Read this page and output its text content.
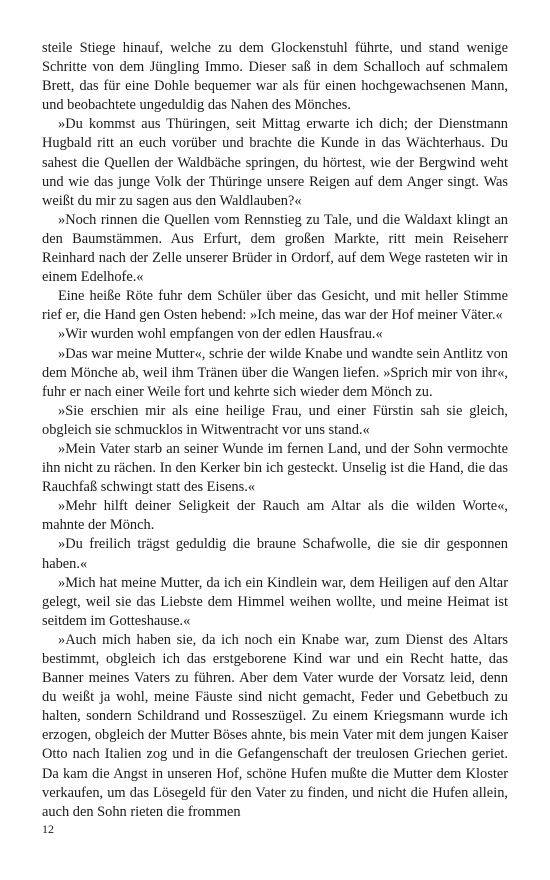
steile Stiege hinauf, welche zu dem Glockenstuhl führte, und stand wenige Schritte von dem Jüngling Immo. Dieser saß in dem Schalloch auf schmalem Brett, das für eine Dohle bequemer war als für einen hochgewachsenen Mann, und beobachtete ungeduldig das Nahen des Mönches.

»Du kommst aus Thüringen, seit Mittag erwarte ich dich; der Dienstmann Hugbald ritt an euch vorüber und brachte die Kunde in das Wächterhaus. Du sahest die Quellen der Waldbäche springen, du hörtest, wie der Bergwind weht und wie das junge Volk der Thüringe unsere Reigen auf dem Anger singt. Was weißt du mir zu sagen aus den Waldlauben?«

»Noch rinnen die Quellen vom Rennstieg zu Tale, und die Waldaxt klingt an den Baumstämmen. Aus Erfurt, dem großen Markte, ritt mein Reiseherr Reinhard nach der Zelle unserer Brüder in Ordorf, auf dem Wege rasteten wir in einem Edelhofe.«

Eine heiße Röte fuhr dem Schüler über das Gesicht, und mit heller Stimme rief er, die Hand gen Osten hebend: »Ich meine, das war der Hof meiner Väter.«

»Wir wurden wohl empfangen von der edlen Hausfrau.«

»Das war meine Mutter«, schrie der wilde Knabe und wandte sein Antlitz von dem Mönche ab, weil ihm Tränen über die Wangen liefen. »Sprich mir von ihr«, fuhr er nach einer Weile fort und kehrte sich wieder dem Mönch zu.

»Sie erschien mir als eine heilige Frau, und einer Fürstin sah sie gleich, obgleich sie schmucklos in Witwentracht vor uns stand.«

»Mein Vater starb an seiner Wunde im fernen Land, und der Sohn vermochte ihn nicht zu rächen. In den Kerker bin ich gesteckt. Unselig ist die Hand, die das Rauchfaß schwingt statt des Eisens.«

»Mehr hilft deiner Seligkeit der Rauch am Altar als die wilden Worte«, mahnte der Mönch.

»Du freilich trägst geduldig die braune Schafwolle, die sie dir gesponnen haben.«

»Mich hat meine Mutter, da ich ein Kindlein war, dem Heiligen auf den Altar gelegt, weil sie das Liebste dem Himmel weihen wollte, und meine Heimat ist seitdem im Gotteshause.«

»Auch mich haben sie, da ich noch ein Knabe war, zum Dienst des Altars bestimmt, obgleich ich das erstgeborene Kind war und ein Recht hatte, das Banner meines Vaters zu führen. Aber dem Vater wurde der Vorsatz leid, denn du weißt ja wohl, meine Fäuste sind nicht gemacht, Feder und Gebetbuch zu halten, sondern Schildrand und Rosseszügel. Zu einem Kriegsmann wurde ich erzogen, obgleich der Mutter Böses ahnte, bis mein Vater mit dem jungen Kaiser Otto nach Italien zog und in die Gefangenschaft der treulosen Griechen geriet. Da kam die Angst in unseren Hof, schöne Hufen mußte die Mutter dem Kloster verkaufen, um das Lösegeld für den Vater zu finden, und nicht die Hufen allein, auch den Sohn rieten die frommen

12
